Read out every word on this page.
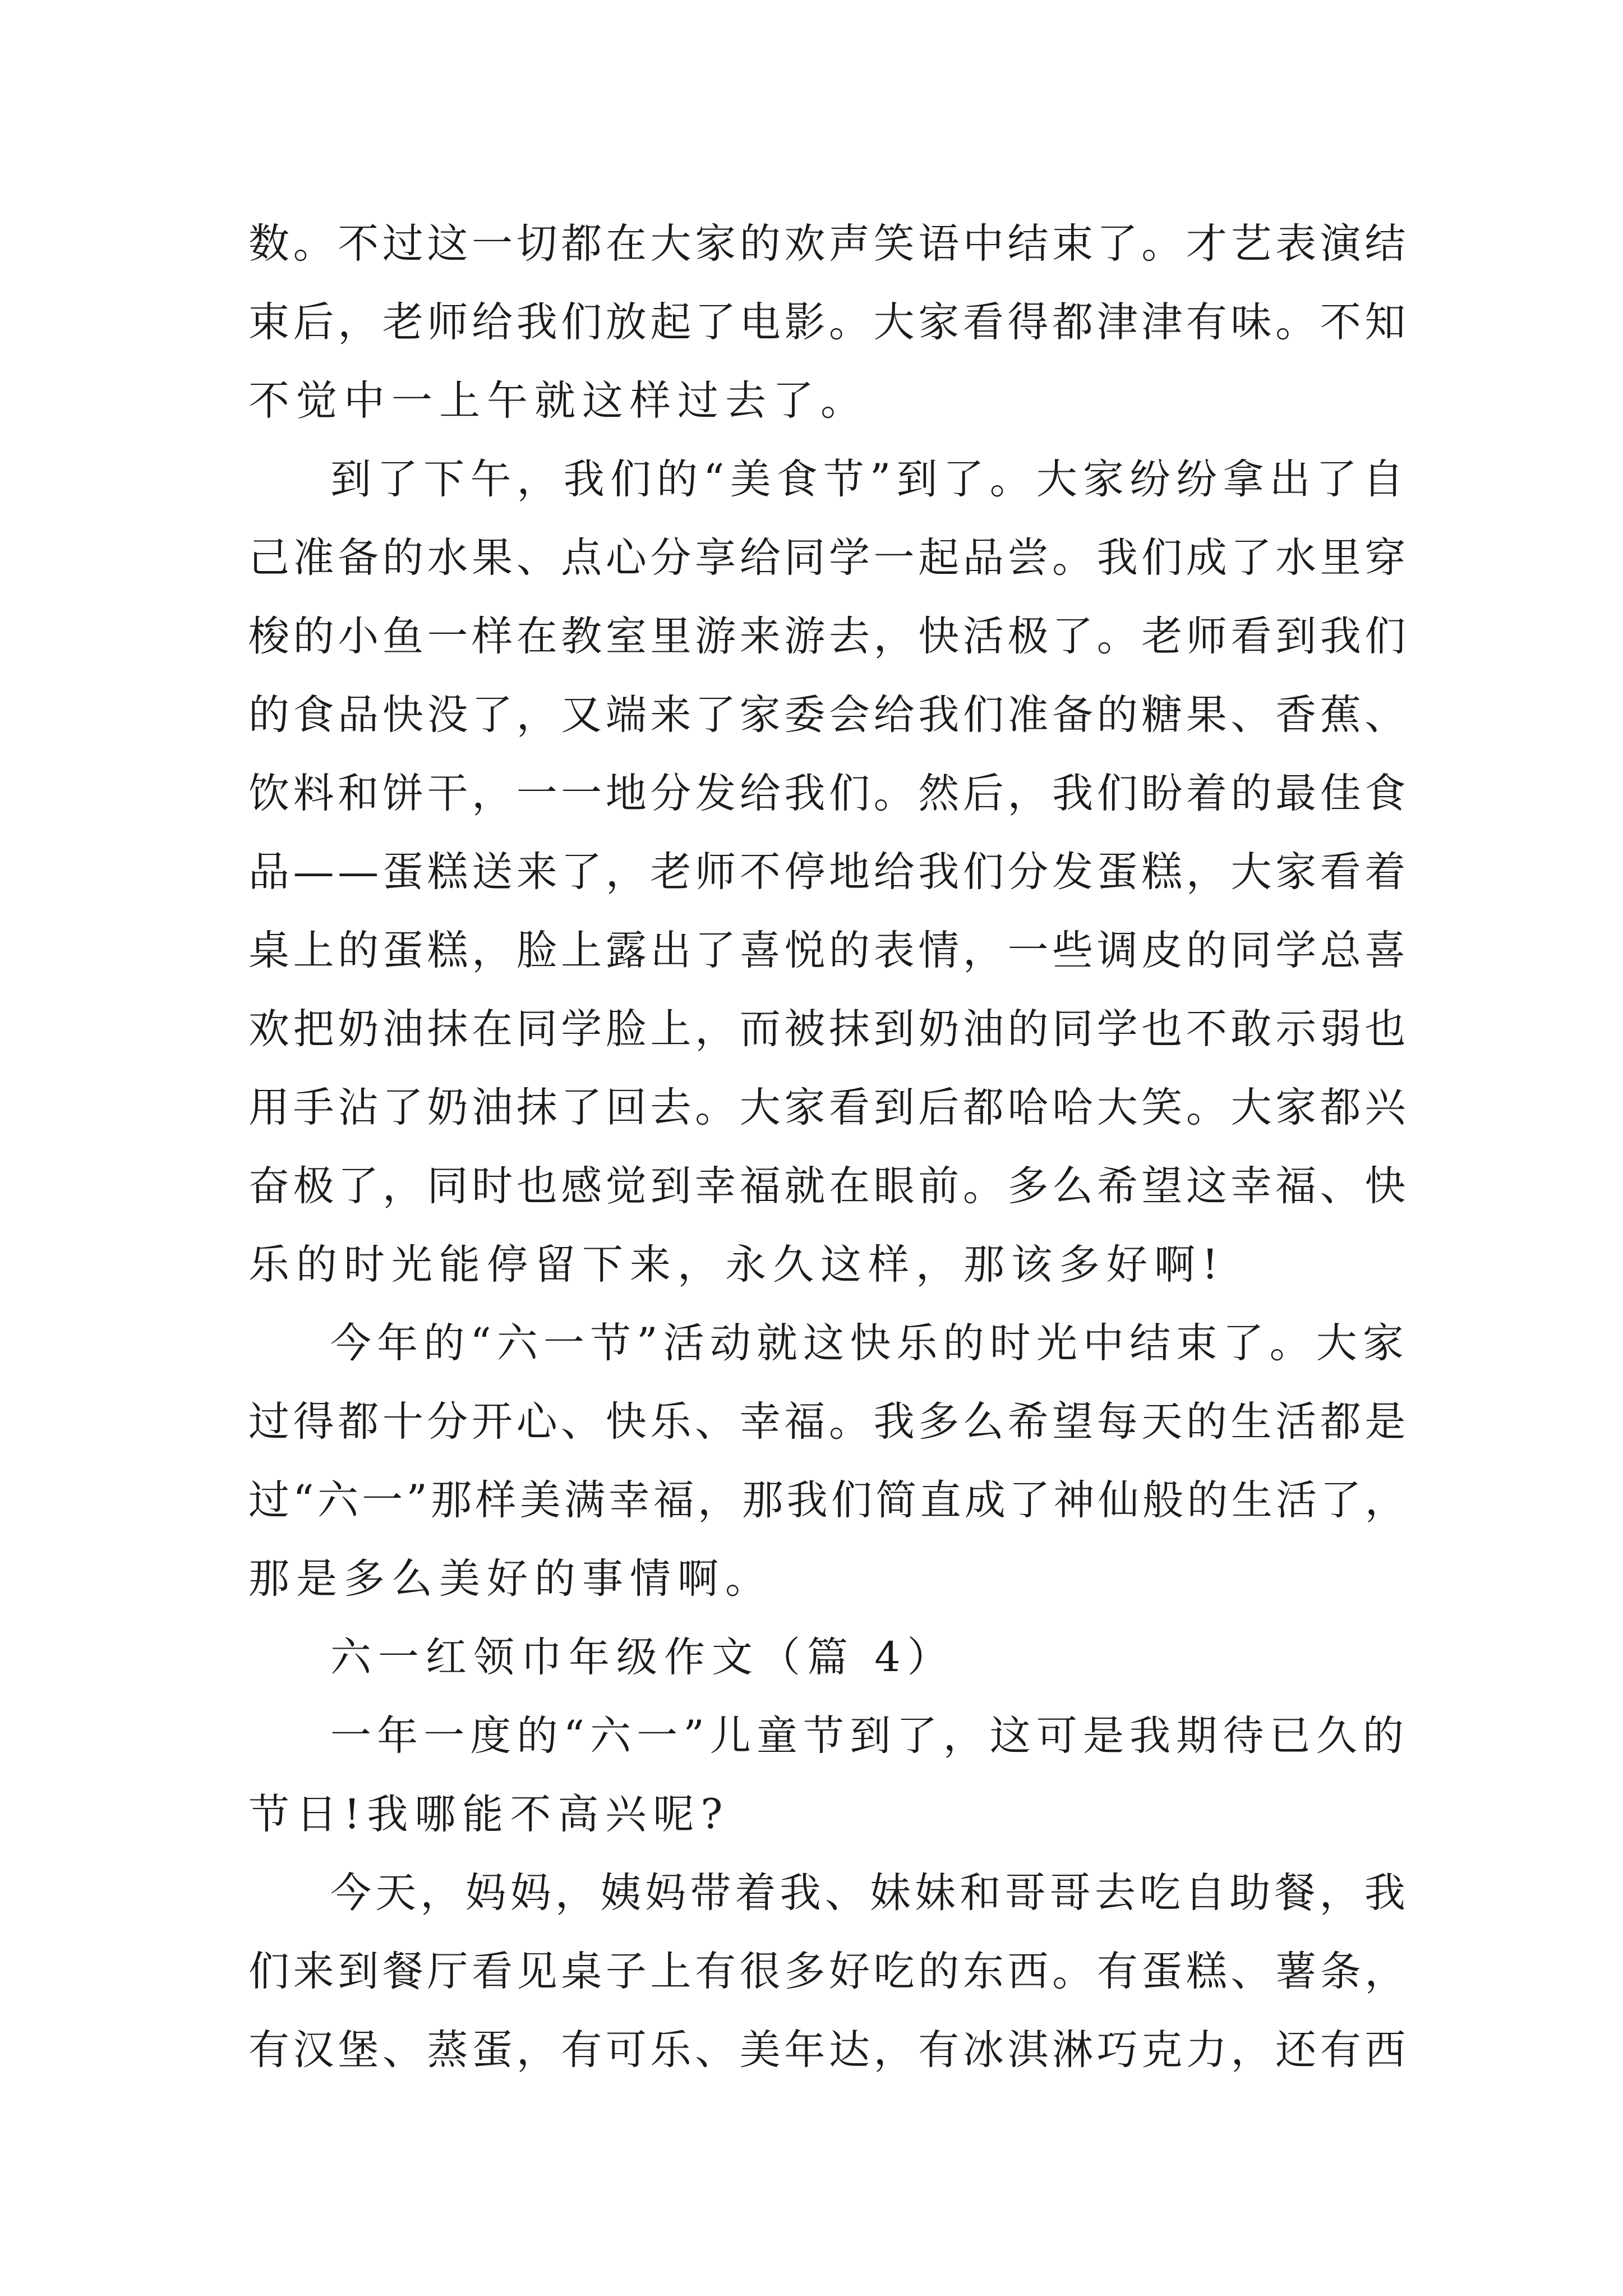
数。不过这一切都在大家的欢声笑语中结束了。才艺表演结
束后，老师给我们放起了电影。大家看得都津津有味。不知
不觉中一上午就这样过去了。
到了下午，我们的“美食节”到了。大家纷纷拿出了自
己准备的水果、点心分享给同学一起品尝。我们成了水里穿
梭的小鱼一样在教室里游来游去，快活极了。老师看到我们
的食品快没了，又端来了家委会给我们准备的糖果、香蕉、
饮料和饼干，一一地分发给我们。然后，我们盼着的最佳食
品——蛋糕送来了，老师不停地给我们分发蛋糕，大家看着
桌上的蛋糕，脸上露出了喜悦的表情，一些调皮的同学总喜
欢把奶油抹在同学脸上，而被抹到奶油的同学也不敢示弱也
用手沾了奶油抹了回去。大家看到后都哈哈大笑。大家都兴
奋极了，同时也感觉到幸福就在眼前。多么希望这幸福、快
乐的时光能停留下来，永久这样，那该多好啊!
今年的“六一节”活动就这快乐的时光中结束了。大家
过得都十分开心、快乐、幸福。我多么希望每天的生活都是
过“六一”那样美满幸福，那我们简直成了神仙般的生活了，
那是多么美好的事情啊。
六一红领巾年级作文（篇 4）
一年一度的“六一”儿童节到了，这可是我期待已久的
节日!我哪能不高兴呢?
今天，妈妈，姨妈带着我、妹妹和哥哥去吃自助餐，我
们来到餐厅看见桌子上有很多好吃的东西。有蛋糕、薯条，
有汉堡、蒸蛋，有可乐、美年达，有冰淇淋巧克力，还有西
